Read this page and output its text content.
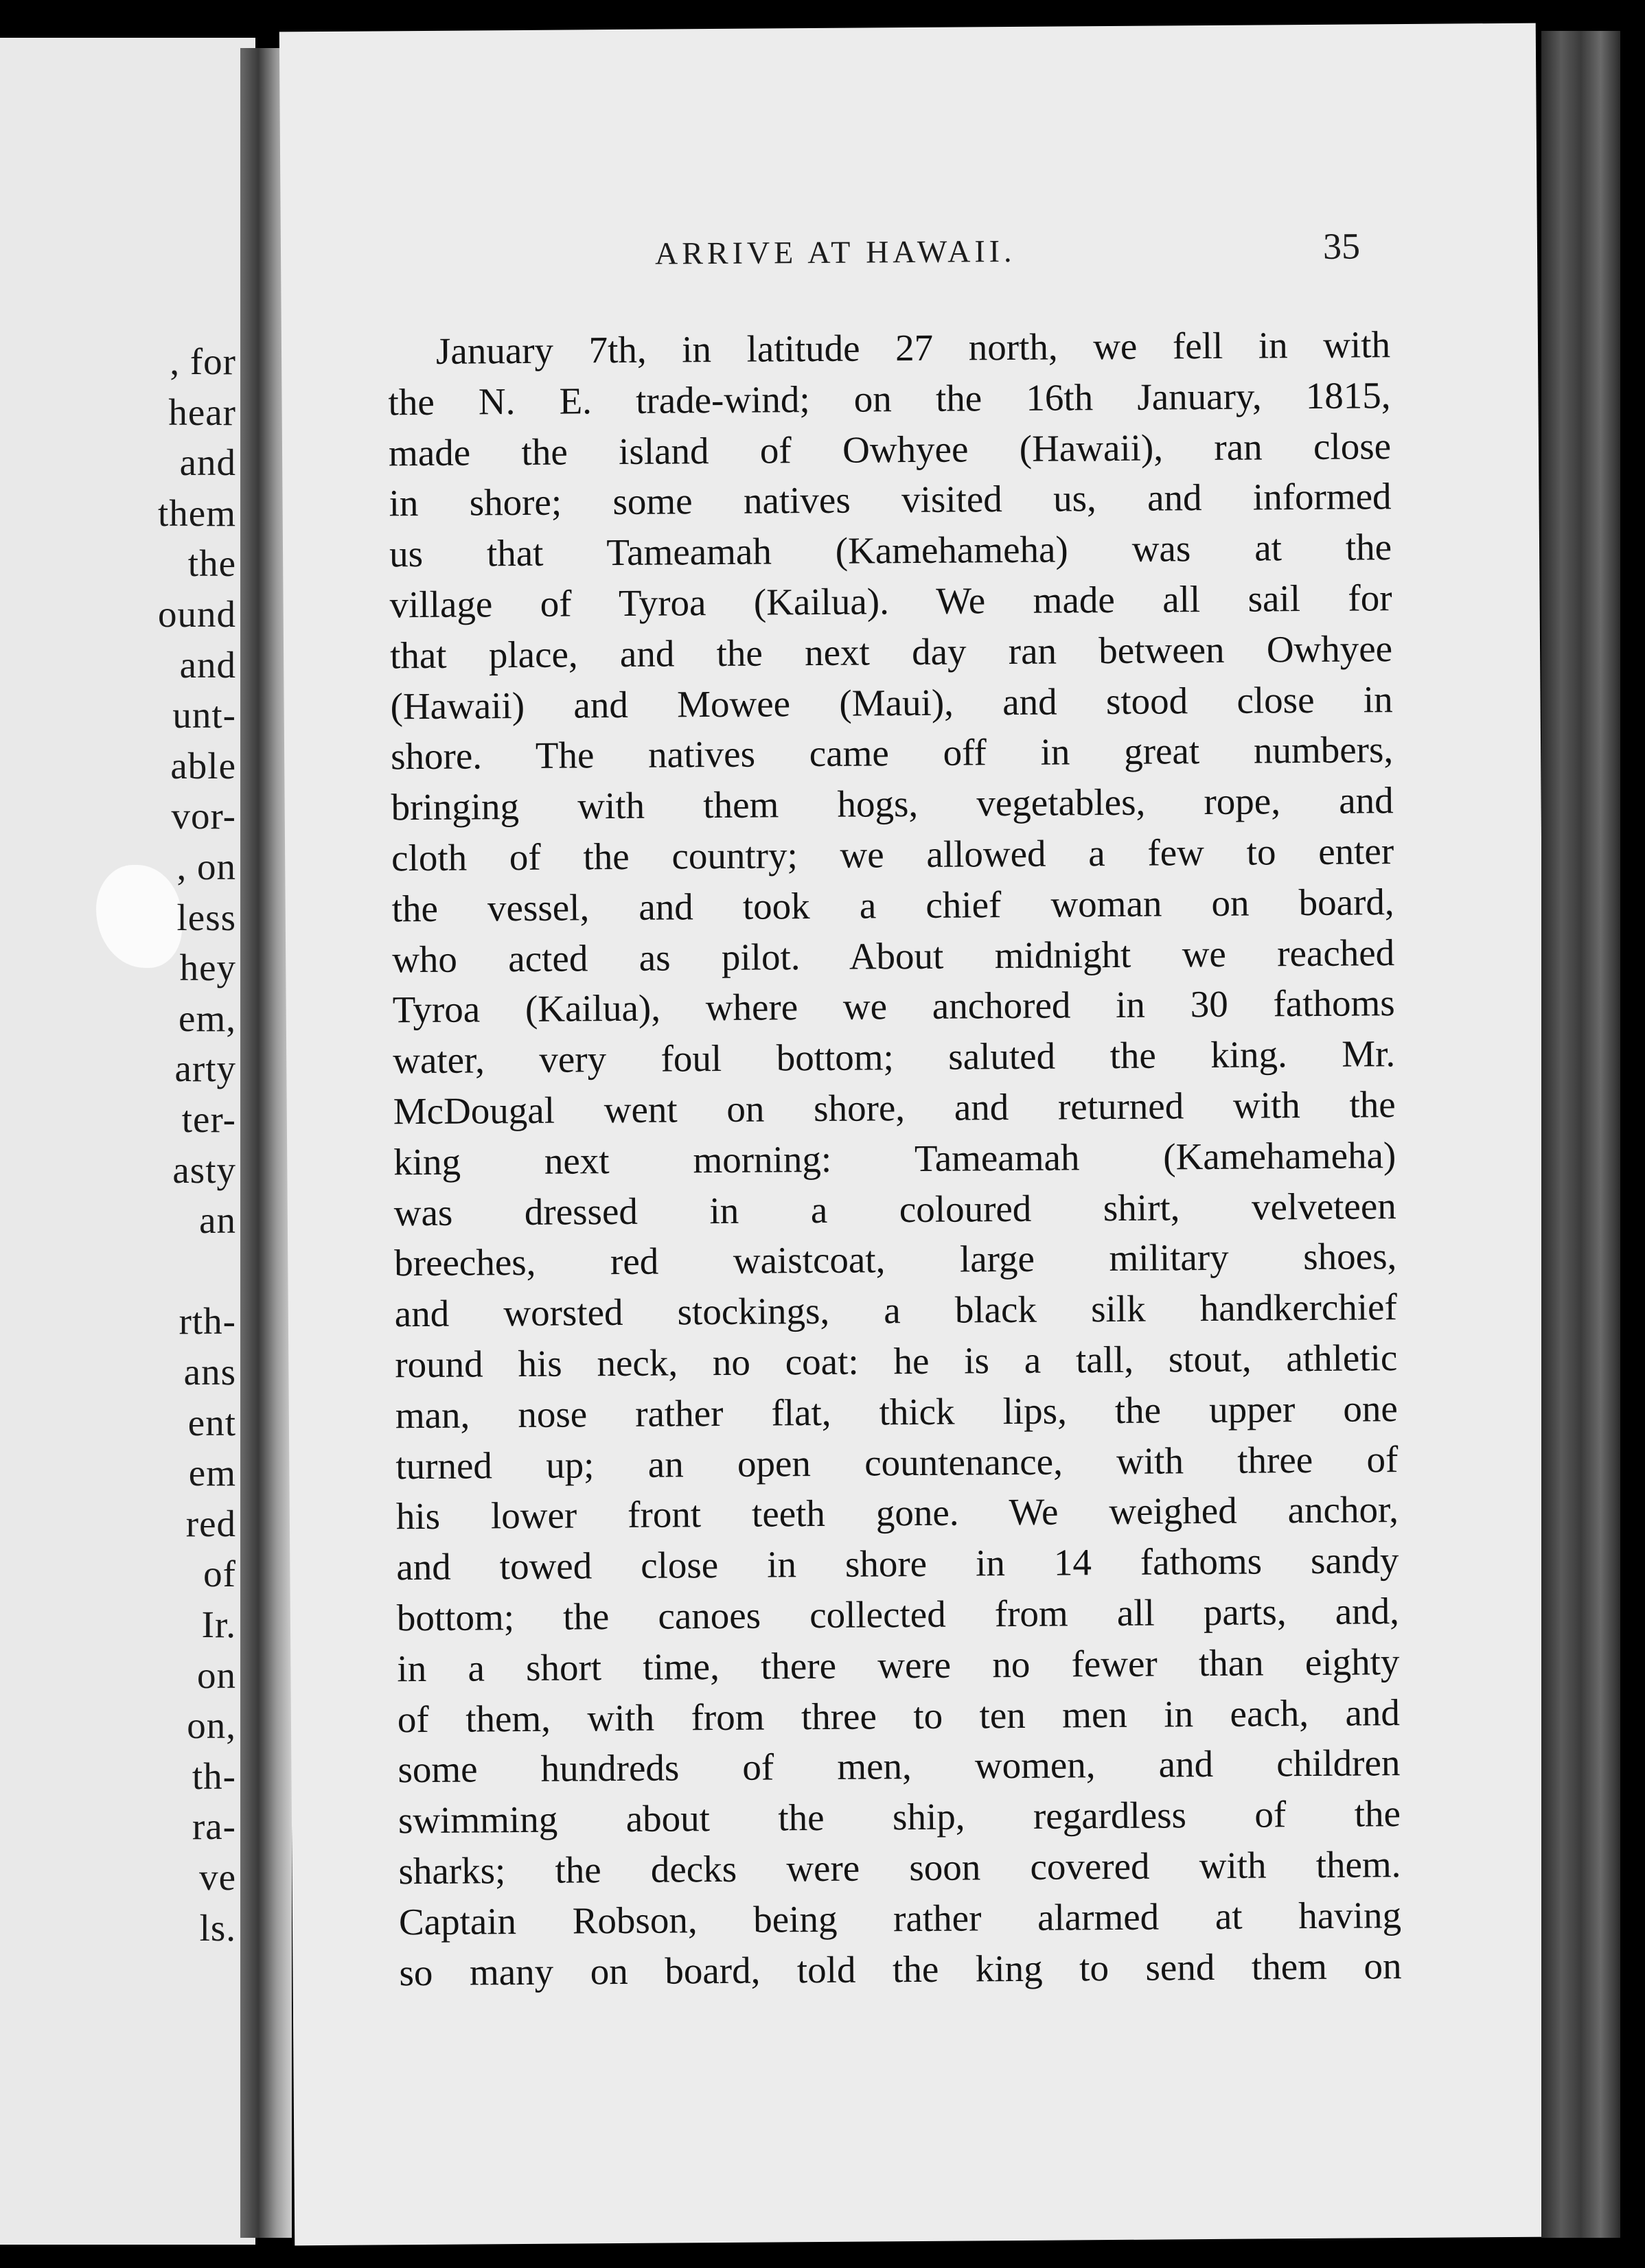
, for
hear
and
them
the
ound
and
unt-
able
vor-
, on
less
hey
em,
arty
ter-
asty
an
rth-
ans
ent
em
red
of
Ir.
on
on,
th-
ra-
ve
ls.
ARRIVE AT HAWAII.	35
January 7th, in latitude 27 north, we fell in with
the N. E. trade-wind; on the 16th January, 1815,
made the island of Owhyee (Hawaii), ran close
in shore; some natives visited us, and informed
us that Tameamah (Kamehameha) was at the
village of Tyroa (Kailua). We made all sail for
that place, and the next day ran between Owhyee
(Hawaii) and Mowee (Maui), and stood close in
shore. The natives came off in great numbers,
bringing with them hogs, vegetables, rope, and
cloth of the country; we allowed a few to enter
the vessel, and took a chief woman on board,
who acted as pilot. About midnight we reached
Tyroa (Kailua), where we anchored in 30 fathoms
water, very foul bottom; saluted the king. Mr.
McDougal went on shore, and returned with the
king next morning: Tameamah (Kamehameha)
was dressed in a coloured shirt, velveteen
breeches, red waistcoat, large military shoes,
and worsted stockings, a black silk handkerchief
round his neck, no coat: he is a tall, stout, athletic
man, nose rather flat, thick lips, the upper one
turned up; an open countenance, with three of
his lower front teeth gone. We weighed anchor,
and towed close in shore in 14 fathoms sandy
bottom; the canoes collected from all parts, and,
in a short time, there were no fewer than eighty
of them, with from three to ten men in each, and
some hundreds of men, women, and children
swimming about the ship, regardless of the
sharks; the decks were soon covered with them.
Captain Robson, being rather alarmed at having
so many on board, told the king to send them on
